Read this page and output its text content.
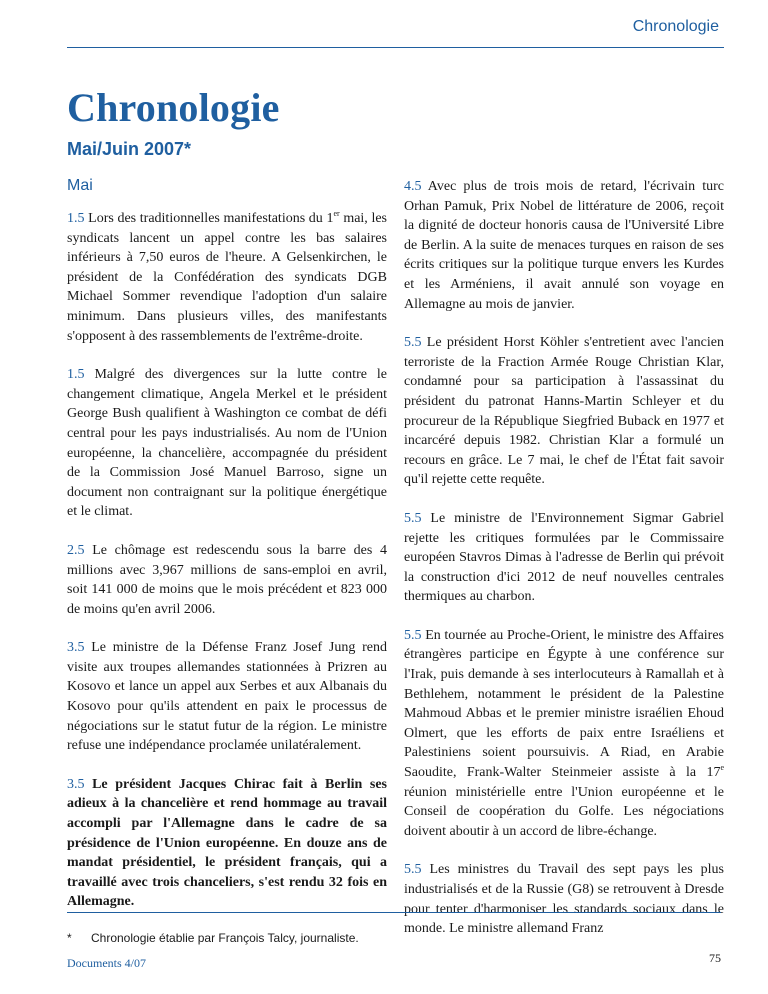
Chronologie
Chronologie
Mai/Juin 2007*
Mai

1.5 Lors des traditionnelles manifestations du 1er mai, les syndicats lancent un appel contre les bas salaires inférieurs à 7,50 euros de l'heure. A Gelsenkirchen, le président de la Confédération des syndicats DGB Michael Sommer revendique l'adoption d'un salaire minimum. Dans plusieurs villes, des manifestants s'opposent à des rassemblements de l'extrême-droite.

1.5 Malgré des divergences sur la lutte contre le changement climatique, Angela Merkel et le président George Bush qualifient à Washington ce combat de défi central pour les pays industrialisés. Au nom de l'Union européenne, la chancelière, accompagnée du président de la Commission José Manuel Barroso, signe un document non contraignant sur la politique énergétique et le climat.

2.5 Le chômage est redescendu sous la barre des 4 millions avec 3,967 millions de sans-emploi en avril, soit 141 000 de moins que le mois précédent et 823 000 de moins qu'en avril 2006.

3.5 Le ministre de la Défense Franz Josef Jung rend visite aux troupes allemandes stationnées à Prizren au Kosovo et lance un appel aux Serbes et aux Albanais du Kosovo pour qu'ils attendent en paix le processus de négociations sur le statut futur de la région. Le ministre refuse une indépendance proclamée unilatéralement.

3.5 Le président Jacques Chirac fait à Berlin ses adieux à la chancelière et rend hommage au travail accompli par l'Allemagne dans le cadre de sa présidence de l'Union européenne. En douze ans de mandat présidentiel, le président français, qui a travaillé avec trois chanceliers, s'est rendu 32 fois en Allemagne.

4.5 Avec plus de trois mois de retard, l'écrivain turc Orhan Pamuk, Prix Nobel de littérature de 2006, reçoit la dignité de docteur honoris causa de l'Université Libre de Berlin. A la suite de menaces turques en raison de ses écrits critiques sur la politique turque envers les Kurdes et les Arméniens, il avait annulé son voyage en Allemagne au mois de janvier.

5.5 Le président Horst Köhler s'entretient avec l'ancien terroriste de la Fraction Armée Rouge Christian Klar, condamné pour sa participation à l'assassinat du président du patronat Hanns-Martin Schleyer et du procureur de la République Siegfried Buback en 1977 et incarcéré depuis 1982. Christian Klar a formulé un recours en grâce. Le 7 mai, le chef de l'État fait savoir qu'il rejette cette requête.

5.5 Le ministre de l'Environnement Sigmar Gabriel rejette les critiques formulées par le Commissaire européen Stavros Dimas à l'adresse de Berlin qui prévoit la construction d'ici 2012 de neuf nouvelles centrales thermiques au charbon.

5.5 En tournée au Proche-Orient, le ministre des Affaires étrangères participe en Égypte à une conférence sur l'Irak, puis demande à ses interlocuteurs à Ramallah et à Bethlehem, notamment le président de la Palestine Mahmoud Abbas et le premier ministre israélien Ehoud Olmert, que les efforts de paix entre Israéliens et Palestiniens soient poursuivis. A Riad, en Arabie Saoudite, Frank-Walter Steinmeier assiste à la 17e réunion ministérielle entre l'Union européenne et le Conseil de coopération du Golfe. Les négociations doivent aboutir à un accord de libre-échange.

5.5 Les ministres du Travail des sept pays les plus industrialisés et de la Russie (G8) se retrouvent à Dresde pour tenter d'harmoniser les standards sociaux dans le monde. Le ministre allemand Franz

* Chronologie établie par François Talcy, journaliste.
Documents 4/07	75
